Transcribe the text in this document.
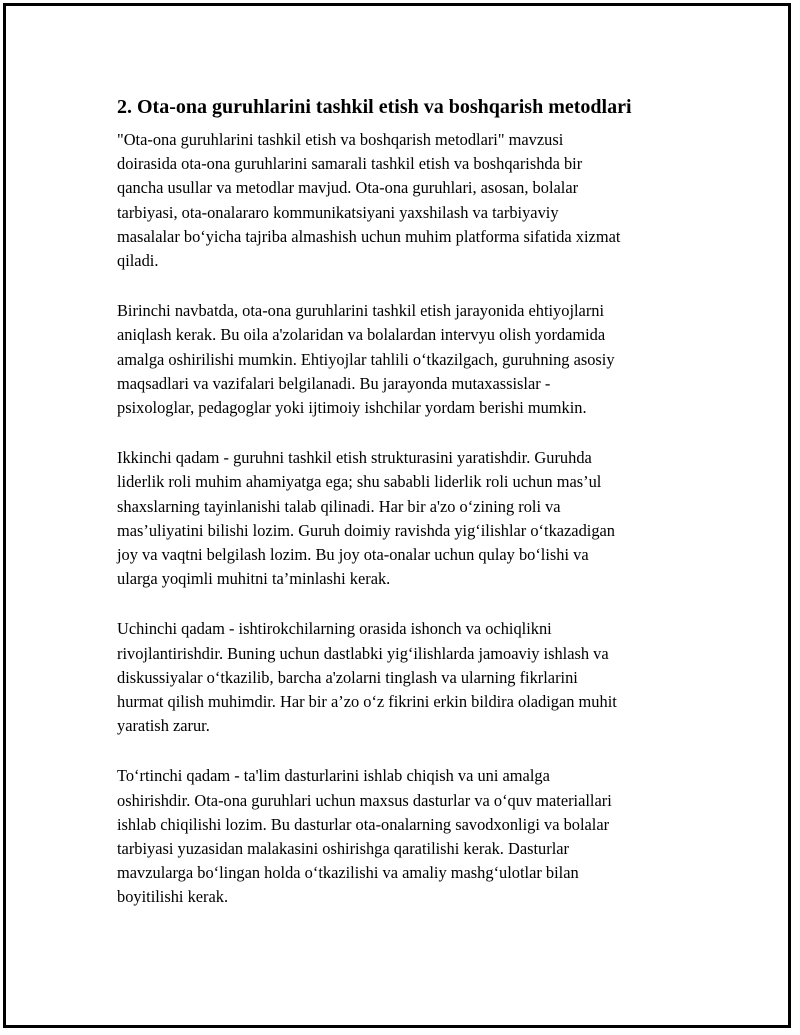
2. Ota-ona guruhlarini tashkil etish va boshqarish metodlari
"Ota-ona guruhlarini tashkil etish va boshqarish metodlari" mavzusi
doirasida ota-ona guruhlarini samarali tashkil etish va boshqarishda bir
qancha usullar va metodlar mavjud. Ota-ona guruhlari, asosan, bolalar
tarbiyasi, ota-onalararo kommunikatsiyani yaxshilash va tarbiyaviy
masalalar bo‘yicha tajriba almashish uchun muhim platforma sifatida xizmat
qiladi.
Birinchi navbatda, ota-ona guruhlarini tashkil etish jarayonida ehtiyojlarni
aniqlash kerak. Bu oila a'zolaridan va bolalardan intervyu olish yordamida
amalga oshirilishi mumkin. Ehtiyojlar tahlili o‘tkazilgach, guruhning asosiy
maqsadlari va vazifalari belgilanadi. Bu jarayonda mutaxassislar -
psixologlar, pedagoglar yoki ijtimoiy ishchilar yordam berishi mumkin.
Ikkinchi qadam - guruhni tashkil etish strukturasini yaratishdir. Guruhda
liderlik roli muhim ahamiyatga ega; shu sababli liderlik roli uchun mas’ul
shaxslarning tayinlanishi talab qilinadi. Har bir a'zo o‘zining roli va
mas’uliyatini bilishi lozim. Guruh doimiy ravishda yig‘ilishlar o‘tkazadigan
joy va vaqtni belgilash lozim. Bu joy ota-onalar uchun qulay bo‘lishi va
ularga yoqimli muhitni ta’minlashi kerak.
Uchinchi qadam - ishtirokchilarning orasida ishonch va ochiqlikni
rivojlantirishdir. Buning uchun dastlabki yig‘ilishlarda jamoaviy ishlash va
diskussiyalar o‘tkazilib, barcha a'zolarni tinglash va ularning fikrlarini
hurmat qilish muhimdir. Har bir a’zo o‘z fikrini erkin bildira oladigan muhit
yaratish zarur.
To‘rtinchi qadam - ta'lim dasturlarini ishlab chiqish va uni amalga
oshirishdir. Ota-ona guruhlari uchun maxsus dasturlar va o‘quv materiallari
ishlab chiqilishi lozim. Bu dasturlar ota-onalarning savodxonligi va bolalar
tarbiyasi yuzasidan malakasini oshirishga qaratilishi kerak. Dasturlar
mavzularga bo‘lingan holda o‘tkazilishi va amaliy mashg‘ulotlar bilan
boyitilishi kerak.
